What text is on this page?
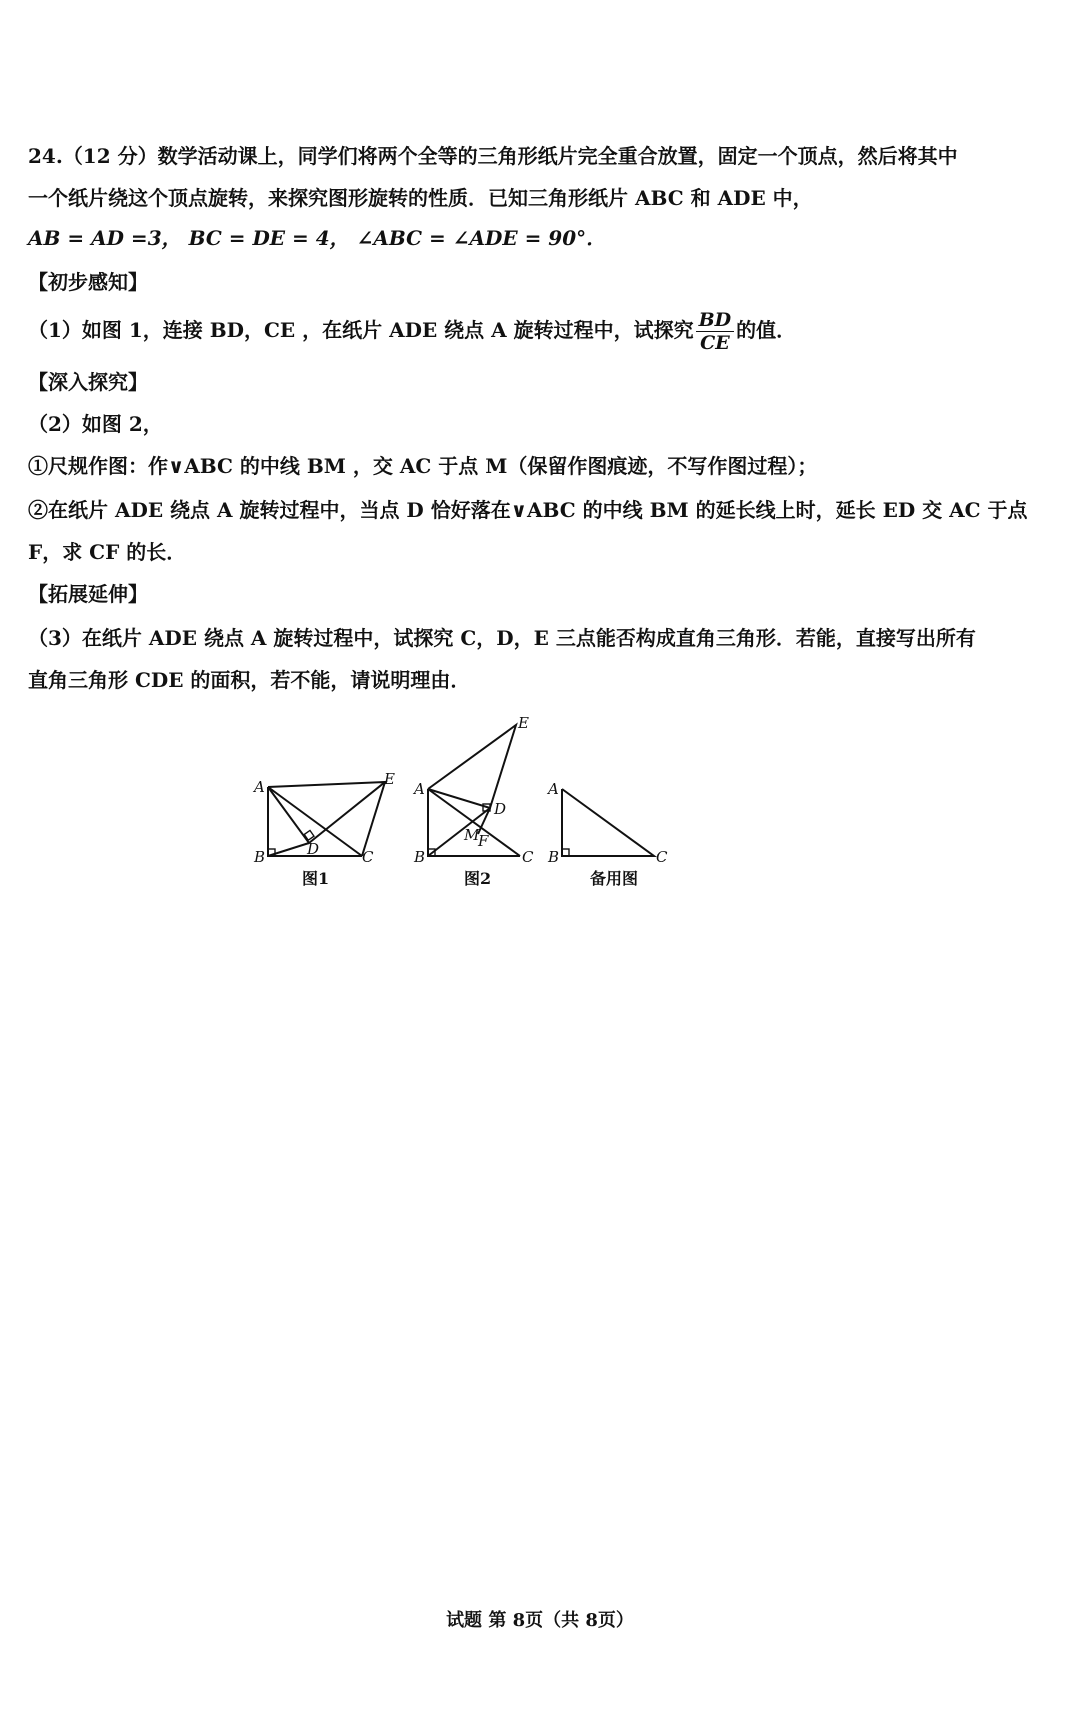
24.（12 分）数学活动课上，同学们将两个全等的三角形纸片完全重合放置，固定一个顶点，然后将其中
一个纸片绕这个顶点旋转，来探究图形旋转的性质．已知三角形纸片 ABC 和 ADE 中，
AB = AD =3， BC = DE = 4， ∠ABC = ∠ADE = 90°．
【初步感知】
（1）如图 1，连接 BD，CE ，在纸片 ADE 绕点 A 旋转过程中，试探究 $\frac{BD}{CE}$ 的值．
【深入探究】
（2）如图 2，
①尺规作图：作∨ABC 的中线 BM ，交 AC 于点 M（保留作图痕迹，不写作图过程）；
②在纸片 ADE 绕点 A 旋转过程中，当点 D 恰好落在∨ABC 的中线 BM 的延长线上时，延长 ED 交 AC 于点
F，求 CF 的长．
【拓展延伸】
（3）在纸片 ADE 绕点 A 旋转过程中，试探究 C，D，E 三点能否构成直角三角形．若能，直接写出所有
直角三角形 CDE 的面积，若不能，请说明理由．
A
B	C
D
E
A
B	C
D
E
M
F
A
B	C
图1	图2	备用图
试题 第 8页（共 8页）
